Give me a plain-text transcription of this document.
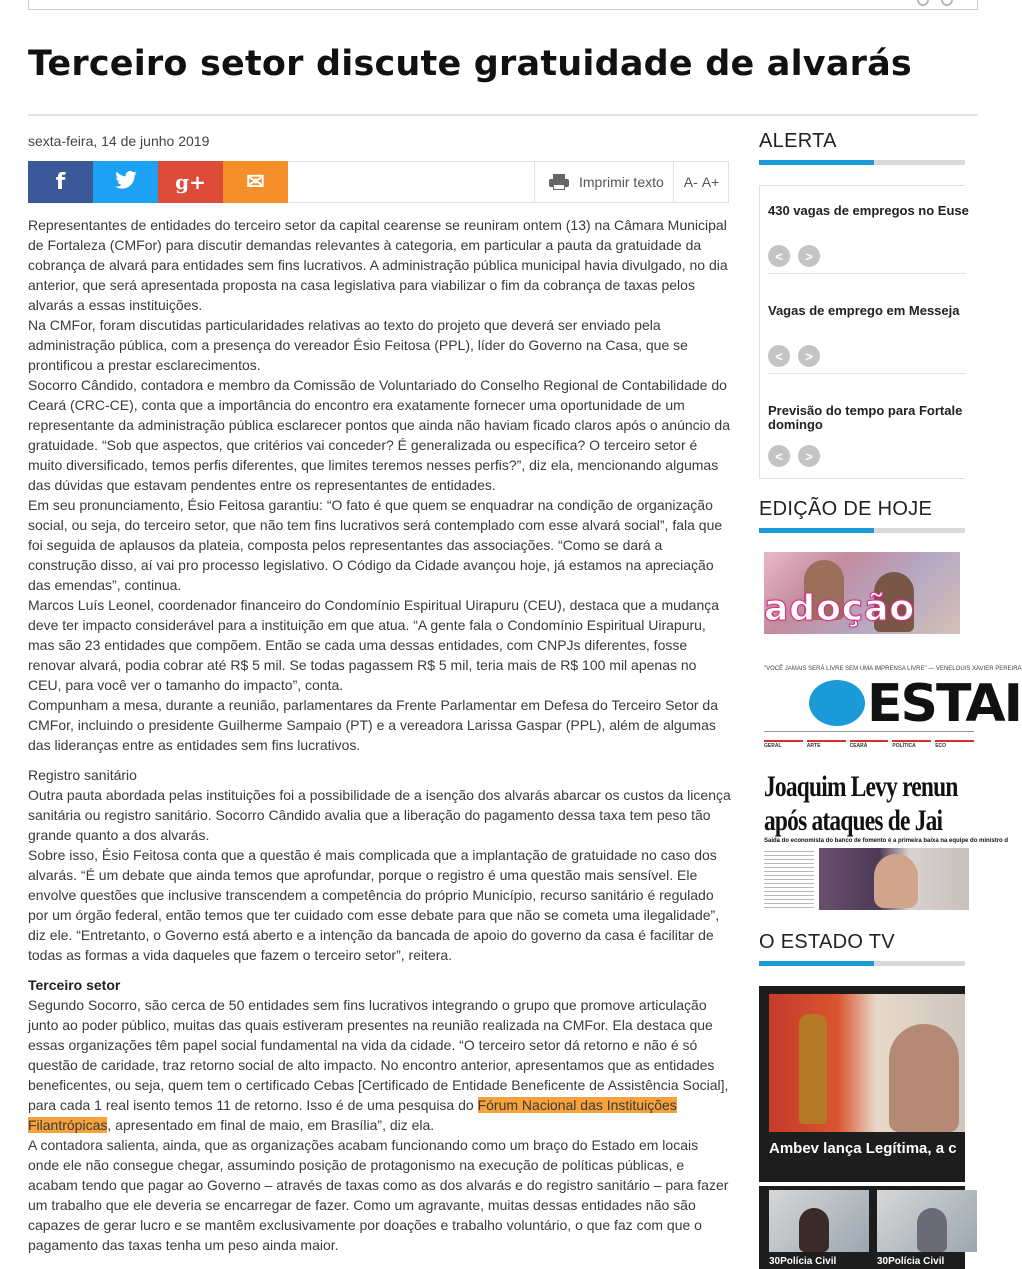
Terceiro setor discute gratuidade de alvarás
sexta-feira, 14 de junho 2019
f	g+ ✉	Imprimir texto A- A+

Representantes de entidades do terceiro setor da capital cearense se reuniram ontem (13) na Câmara Municipal de Fortaleza (CMFor) para discutir demandas relevantes à categoria, em particular a pauta da gratuidade da cobrança de alvará para entidades sem fins lucrativos. A administração pública municipal havia divulgado, no dia anterior, que será apresentada proposta na casa legislativa para viabilizar o fim da cobrança de taxas pelos alvarás a essas instituições.

Na CMFor, foram discutidas particularidades relativas ao texto do projeto que deverá ser enviado pela administração pública, com a presença do vereador Ésio Feitosa (PPL), líder do Governo na Casa, que se prontificou a prestar esclarecimentos.

Socorro Cândido, contadora e membro da Comissão de Voluntariado do Conselho Regional de Contabilidade do Ceará (CRC-CE), conta que a importância do encontro era exatamente fornecer uma oportunidade de um representante da administração pública esclarecer pontos que ainda não haviam ficado claros após o anúncio da gratuidade. “Sob que aspectos, que critérios vai conceder? É generalizada ou específica? O terceiro setor é muito diversificado, temos perfis diferentes, que limites teremos nesses perfis?”, diz ela, mencionando algumas das dúvidas que estavam pendentes entre os representantes de entidades.

Em seu pronunciamento, Ésio Feitosa garantiu: “O fato é que quem se enquadrar na condição de organização social, ou seja, do terceiro setor, que não tem fins lucrativos será contemplado com esse alvará social”, fala que foi seguida de aplausos da plateia, composta pelos representantes das associações. “Como se dará a construção disso, aí vai pro processo legislativo. O Código da Cidade avançou hoje, já estamos na apreciação das emendas”, continua.

Marcos Luís Leonel, coordenador financeiro do Condomínio Espiritual Uirapuru (CEU), destaca que a mudança deve ter impacto considerável para a instituição em que atua. “A gente fala o Condomínio Espiritual Uirapuru, mas são 23 entidades que compõem. Então se cada uma dessas entidades, com CNPJs diferentes, fosse renovar alvará, podia cobrar até R$ 5 mil. Se todas pagassem R$ 5 mil, teria mais de R$ 100 mil apenas no CEU, para você ver o tamanho do impacto”, conta.

Compunham a mesa, durante a reunião, parlamentares da Frente Parlamentar em Defesa do Terceiro Setor da CMFor, incluindo o presidente Guilherme Sampaio (PT) e a vereadora Larissa Gaspar (PPL), além de algumas das lideranças entre as entidades sem fins lucrativos.

Registro sanitário

Outra pauta abordada pelas instituições foi a possibilidade de a isenção dos alvarás abarcar os custos da licença sanitária ou registro sanitário. Socorro Cândido avalia que a liberação do pagamento dessa taxa tem peso tão grande quanto a dos alvarás.

Sobre isso, Ésio Feitosa conta que a questão é mais complicada que a implantação de gratuidade no caso dos alvarás. “É um debate que ainda temos que aprofundar, porque o registro é uma questão mais sensível. Ele envolve questões que inclusive transcendem a competência do próprio Município, recurso sanitário é regulado por um órgão federal, então temos que ter cuidado com esse debate para que não se cometa uma ilegalidade”, diz ele. “Entretanto, o Governo está aberto e a intenção da bancada de apoio do governo da casa é facilitar de todas as formas a vida daqueles que fazem o terceiro setor”, reitera.

Terceiro setor

Segundo Socorro, são cerca de 50 entidades sem fins lucrativos integrando o grupo que promove articulação junto ao poder público, muitas das quais estiveram presentes na reunião realizada na CMFor. Ela destaca que essas organizações têm papel social fundamental na vida da cidade. “O terceiro setor dá retorno e não é só questão de caridade, traz retorno social de alto impacto. No encontro anterior, apresentamos que as entidades beneficentes, ou seja, quem tem o certificado Cebas [Certificado de Entidade Beneficente de Assistência Social], para cada 1 real isento temos 11 de retorno. Isso é de uma pesquisa do Fórum Nacional das Instituições Filantrópicas, apresentado em final de maio, em Brasília”, diz ela.

A contadora salienta, ainda, que as organizações acabam funcionando como um braço do Estado em locais onde ele não consegue chegar, assumindo posição de protagonismo na execução de políticas públicas, e acabam tendo que pagar ao Governo – através de taxas como as dos alvarás e do registro sanitário – para fazer um trabalho que ele deveria se encarregar de fazer. Como um agravante, muitas dessas entidades não são capazes de gerar lucro e se mantêm exclusivamente por doações e trabalho voluntário, o que faz com que o pagamento das taxas tenha um peso ainda maior.

ALERTA
430 vagas de empregos no Euse
<	>
Vagas de emprego em Messeja
<	>
Previsão do tempo para Fortale
domingo
<	>
EDIÇÃO DE HOJE
adoção
"VOCÊ JAMAIS SERÁ LIVRE SEM UMA IMPRENSA LIVRE" — VENELOUIS XAVIER PEREIRA
ESTAI
GERAL	ARTE	CEARÁ	POLÍTICA	ECO
Joaquim Levy renun
após ataques de Jai
Saída do economista do banco de fomento é a primeira baixa na equipe do ministro d
O ESTADO TV
Ambev lança Legítima, a c
30Polícia Civil	30Polícia Civil
